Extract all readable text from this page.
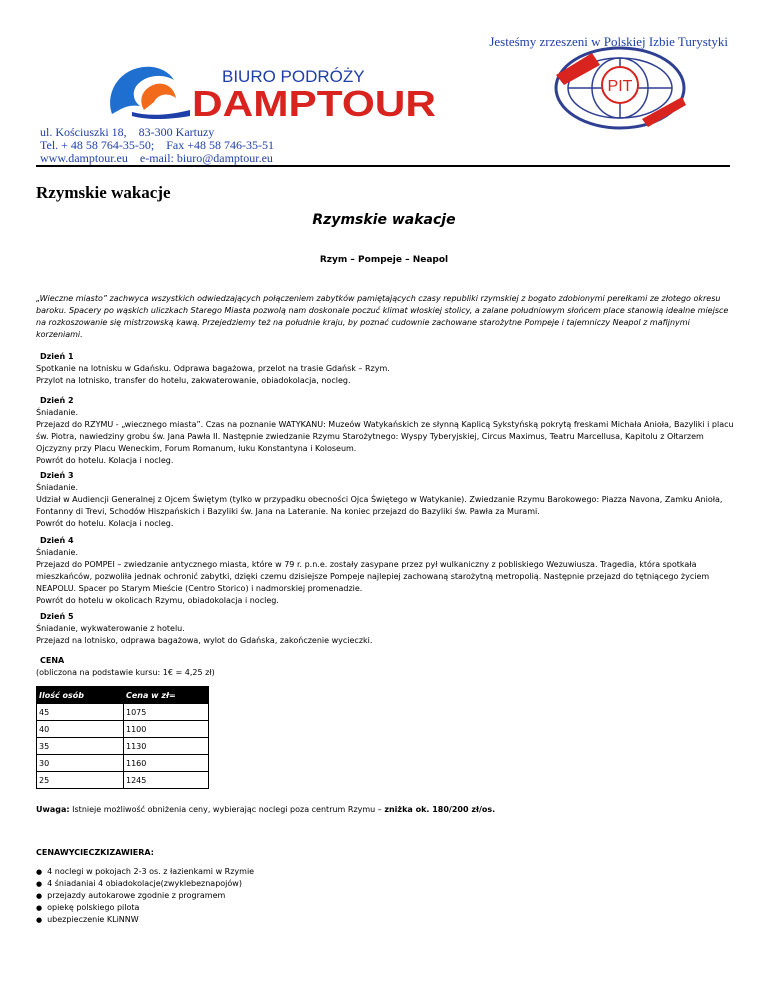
Jesteśmy zrzeszeni w Polskiej Izbie Turystyki
BIURO PODRÓŻY
DAMPTOUR	PIT
ul. Kościuszki 18,    83-300 Kartuzy
Tel. + 48 58 764-35-50;    Fax +48 58 746-35-51
www.damptour.eu    e-mail: biuro@damptour.eu
Rzymskie wakacje
Rzymskie wakacje
Rzym – Pompeje – Neapol
„Wieczne miasto” zachwyca wszystkich odwiedzających połączeniem zabytków pamiętających czasy republiki rzymskiej z bogato zdobionymi perełkami ze złotego okresu baroku. Spacery po wąskich uliczkach Starego Miasta pozwolą nam doskonale poczuć klimat włoskiej stolicy, a zalane południowym słońcem place stanowią idealne miejsce na rozkoszowanie się mistrzowską kawą. Przejedziemy też na południe kraju, by poznać cudownie zachowane starożytne Pompeje i tajemniczy Neapol z mafijnymi korzeniami.
Dzień 1

Spotkanie na lotnisku w Gdańsku. Odprawa bagażowa, przelot na trasie Gdańsk – Rzym.

Przylot na lotnisko, transfer do hotelu, zakwaterowanie, obiadokolacja, nocleg.

Dzień 2

Śniadanie.

Przejazd do RZYMU - „wiecznego miasta”. Czas na poznanie WATYKANU: Muzeów Watykańskich ze słynną Kaplicą Sykstyńską pokrytą freskami Michała Anioła, Bazyliki i placu św. Piotra, nawiedziny grobu św. Jana Pawła II. Następnie zwiedzanie Rzymu Starożytnego: Wyspy Tyberyjskiej, Circus Maximus, Teatru Marcellusa, Kapitolu z Ołtarzem Ojczyzny przy Placu Weneckim, Forum Romanum, łuku Konstantyna i Koloseum.

Powrót do hotelu. Kolacja i nocleg.

Dzień 3

Śniadanie.

Udział w Audiencji Generalnej z Ojcem Świętym (tylko w przypadku obecności Ojca Świętego w Watykanie). Zwiedzanie Rzymu Barokowego: Piazza Navona, Zamku Anioła, Fontanny di Trevi, Schodów Hiszpańskich i Bazyliki św. Jana na Lateranie. Na koniec przejazd do Bazyliki św. Pawła za Murami.

Powrót do hotelu. Kolacja i nocleg.

Dzień 4

Śniadanie.

Przejazd do POMPEI – zwiedzanie antycznego miasta, które w 79 r. p.n.e. zostały zasypane przez pył wulkaniczny z pobliskiego Wezuwiusza. Tragedia, która spotkała mieszkańców, pozwoliła jednak ochronić zabytki, dzięki czemu dzisiejsze Pompeje najlepiej zachowaną starożytną metropolią. Następnie przejazd do tętniącego życiem NEAPOLU. Spacer po Starym Mieście (Centro Storico) i nadmorskiej promenadzie.

Powrót do hotelu w okolicach Rzymu, obiadokolacja i nocleg.

Dzień 5

Śniadanie, wykwaterowanie z hotelu.

Przejazd na lotnisko, odprawa bagażowa, wylot do Gdańska, zakończenie wycieczki.

CENA

(obliczona na podstawie kursu: 1€ = 4,25 zł)

Ilość osób	Cena w zł=
45	1075
40	1100
35	1130
30	1160
25	1245
Uwaga: Istnieje możliwość obniżenia ceny, wybierając noclegi poza centrum Rzymu – zniżka ok. 180/200 zł/os.
CENAWYCIECZKIZAWIERA:
● 4 noclegi w pokojach 2-3 os. z łazienkami w Rzymie
● 4 śniadaniai 4 obiadokolacje(zwyklebeznapojów)
● przejazdy autokarowe zgodnie z programem
● opiekę polskiego pilota
● ubezpieczenie KLiNNW
